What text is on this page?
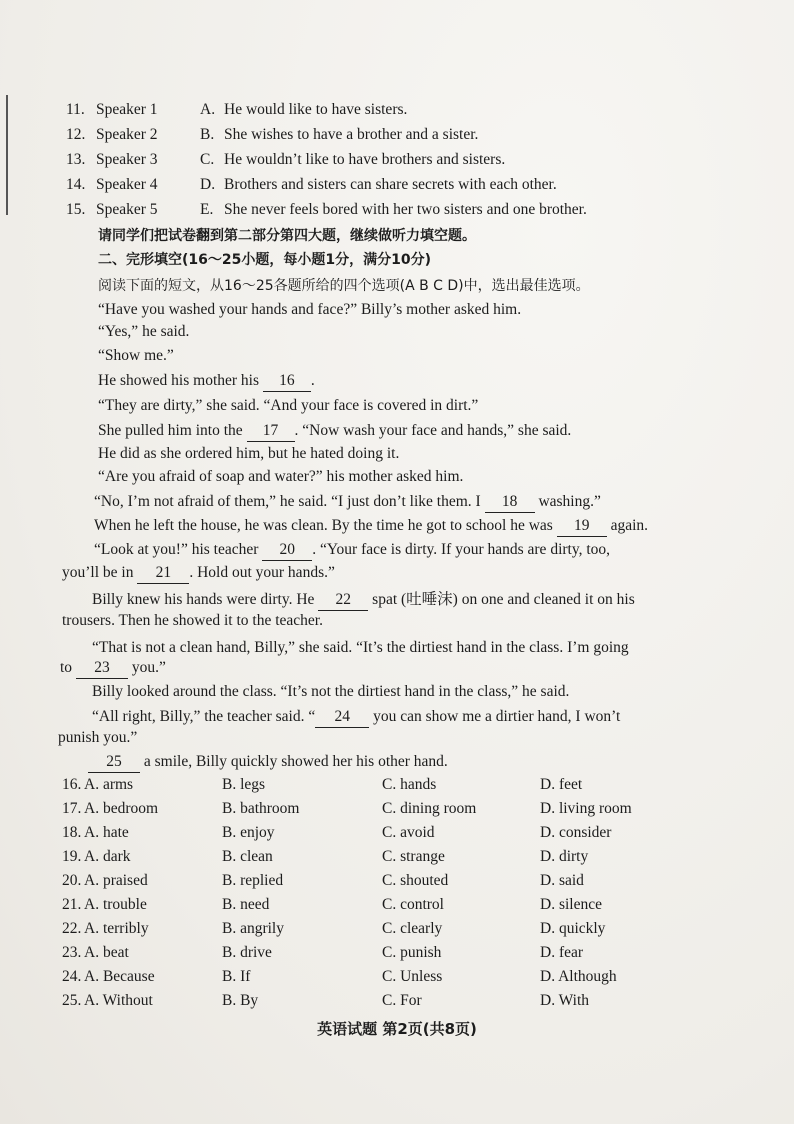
11. Speaker 1	A. He would like to have sisters.
12. Speaker 2	B. She wishes to have a brother and a sister.
13. Speaker 3	C. He wouldn’t like to have brothers and sisters.
14. Speaker 4	D. Brothers and sisters can share secrets with each other.
15. Speaker 5	E. She never feels bored with her two sisters and one brother.
请同学们把试卷翻到第二部分第四大题，继续做听力填空题。
二、完形填空(16～25小题，每小题1分，满分10分)
阅读下面的短文，从16～25各题所给的四个选项(A B C D)中，选出最佳选项。
“Have you washed your hands and face?” Billy’s mother asked him.
“Yes,” he said.
“Show me.”
He showed his mother his 16 .
“They are dirty,” she said. “And your face is covered in dirt.”
She pulled him into the 17 . “Now wash your face and hands,” she said.
He did as she ordered him, but he hated doing it.
“Are you afraid of soap and water?” his mother asked him.
“No, I’m not afraid of them,” he said. “I just don’t like them. I 18 washing.”
When he left the house, he was clean. By the time he got to school he was 19 again.
“Look at you!” his teacher 20 . “Your face is dirty. If your hands are dirty, too,
you’ll be in 21 . Hold out your hands.”
Billy knew his hands were dirty. He 22 spat (吐唾沫) on one and cleaned it on his
trousers. Then he showed it to the teacher.
“That is not a clean hand, Billy,” she said. “It’s the dirtiest hand in the class. I’m going
to 23 you.”
Billy looked around the class. “It’s not the dirtiest hand in the class,” he said.
“All right, Billy,” the teacher said. “ 24 you can show me a dirtier hand, I won’t
punish you.”
25 a smile, Billy quickly showed her his other hand.
16. A. arms	B. legs	C. hands	D. feet
17. A. bedroom	B. bathroom	C. dining room	D. living room
18. A. hate	B. enjoy	C. avoid	D. consider
19. A. dark	B. clean	C. strange	D. dirty
20. A. praised	B. replied	C. shouted	D. said
21. A. trouble	B. need	C. control	D. silence
22. A. terribly	B. angrily	C. clearly	D. quickly
23. A. beat	B. drive	C. punish	D. fear
24. A. Because	B. If	C. Unless	D. Although
25. A. Without	B. By	C. For	D. With
英语试题 第2页(共8页)
